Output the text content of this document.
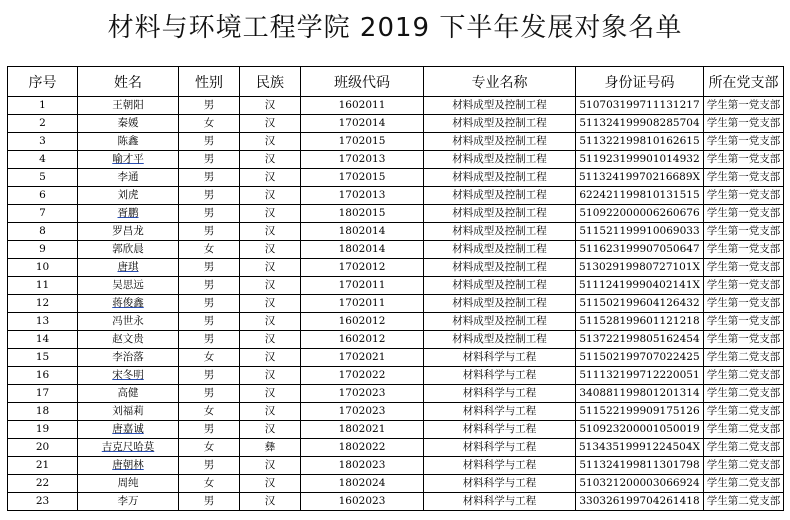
材料与环境工程学院 2019 下半年发展对象名单
序号	姓名	性别	民族	班级代码	专业名称	身份证号码	所在党支部
1	王朝阳	男	汉	1602011	材料成型及控制工程	510703199711131217	学生第一党支部
2	秦媛	女	汉	1702014	材料成型及控制工程	511324199908285704	学生第一党支部
3	陈鑫	男	汉	1702015	材料成型及控制工程	511322199810162615	学生第一党支部
4	喻才平	男	汉	1702013	材料成型及控制工程	511923199901014932	学生第一党支部
5	李通	男	汉	1702015	材料成型及控制工程	51132419970216689X	学生第一党支部
6	刘虎	男	汉	1702013	材料成型及控制工程	622421199810131515	学生第一党支部
7	胥鹏	男	汉	1802015	材料成型及控制工程	510922000006260676	学生第一党支部
8	罗昌龙	男	汉	1802014	材料成型及控制工程	511521199910069033	学生第一党支部
9	郭欣晨	女	汉	1802014	材料成型及控制工程	511623199907050647	学生第一党支部
10	唐琪	男	汉	1702012	材料成型及控制工程	51302919980727101X	学生第一党支部
11	吴思远	男	汉	1702011	材料成型及控制工程	51112419990402141X	学生第一党支部
12	蒋俊鑫	男	汉	1702011	材料成型及控制工程	511502199604126432	学生第一党支部
13	冯世永	男	汉	1602012	材料成型及控制工程	511528199601121218	学生第一党支部
14	赵文贵	男	汉	1602012	材料成型及控制工程	513722199805162454	学生第一党支部
15	李治落	女	汉	1702021	材料科学与工程	511502199707022425	学生第二党支部
16	宋冬明	男	汉	1702022	材料科学与工程	511132199712220051	学生第二党支部
17	高健	男	汉	1702023	材料科学与工程	340881199801201314	学生第二党支部
18	刘福莉	女	汉	1702023	材料科学与工程	511522199909175126	学生第二党支部
19	唐嘉诚	男	汉	1802021	材料科学与工程	510923200001050019	学生第二党支部
20	吉克尺哈莫	女	彝	1802022	材料科学与工程	51343519991224504X	学生第二党支部
21	唐朝林	男	汉	1802023	材料科学与工程	511324199811301798	学生第二党支部
22	周纯	女	汉	1802024	材料科学与工程	510321200003066924	学生第二党支部
23	李万	男	汉	1602023	材料科学与工程	330326199704261418	学生第二党支部
